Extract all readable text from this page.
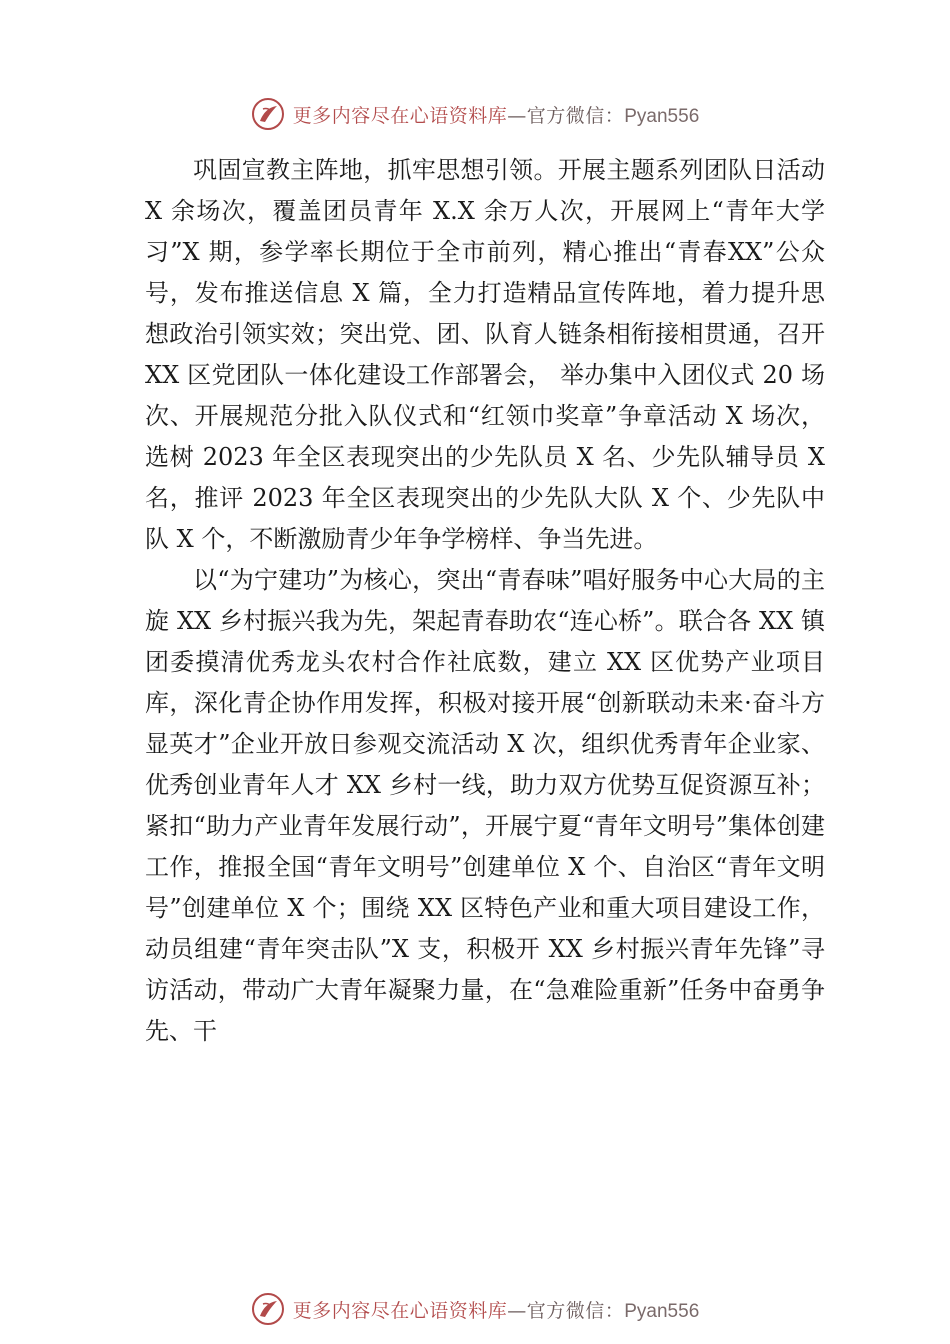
更多内容尽在心语资料库—官方微信：Pyan556

巩固宣教主阵地，抓牢思想引领。开展主题系列团队日活动 X 余场次，覆盖团员青年 X.X 余万人次，开展网上“青年大学习”X 期，参学率长期位于全市前列，精心推出“青春XX”公众号，发布推送信息 X 篇，全力打造精品宣传阵地，着力提升思想政治引领实效；突出党、团、队育人链条相衔接相贯通，召开 XX 区党团队一体化建设工作部署会， 举办集中入团仪式 20 场次、开展规范分批入队仪式和“红领巾奖章”争章活动 X 场次，选树 2023 年全区表现突出的少先队员 X 名、少先队辅导员 X 名，推评 2023 年全区表现突出的少先队大队 X 个、少先队中队 X 个，不断激励青少年争学榜样、争当先进。

以“为宁建功”为核心，突出“青春味”唱好服务中心大局的主旋 XX 乡村振兴我为先，架起青春助农“连心桥”。联合各 XX 镇团委摸清优秀龙头农村合作社底数，建立 XX 区优势产业项目库，深化青企协作用发挥，积极对接开展“创新联动未来·奋斗方显英才”企业开放日参观交流活动 X 次，组织优秀青年企业家、优秀创业青年人才 XX 乡村一线，助力双方优势互促资源互补；紧扣“助力产业青年发展行动”，开展宁夏“青年文明号”集体创建工作，推报全国“青年文明号”创建单位 X 个、自治区“青年文明号”创建单位 X 个；围绕 XX 区特色产业和重大项目建设工作，动员组建“青年突击队”X 支，积极开 XX 乡村振兴青年先锋”寻访活动，带动广大青年凝聚力量，在“急难险重新”任务中奋勇争先、干

更多内容尽在心语资料库—官方微信：Pyan556
